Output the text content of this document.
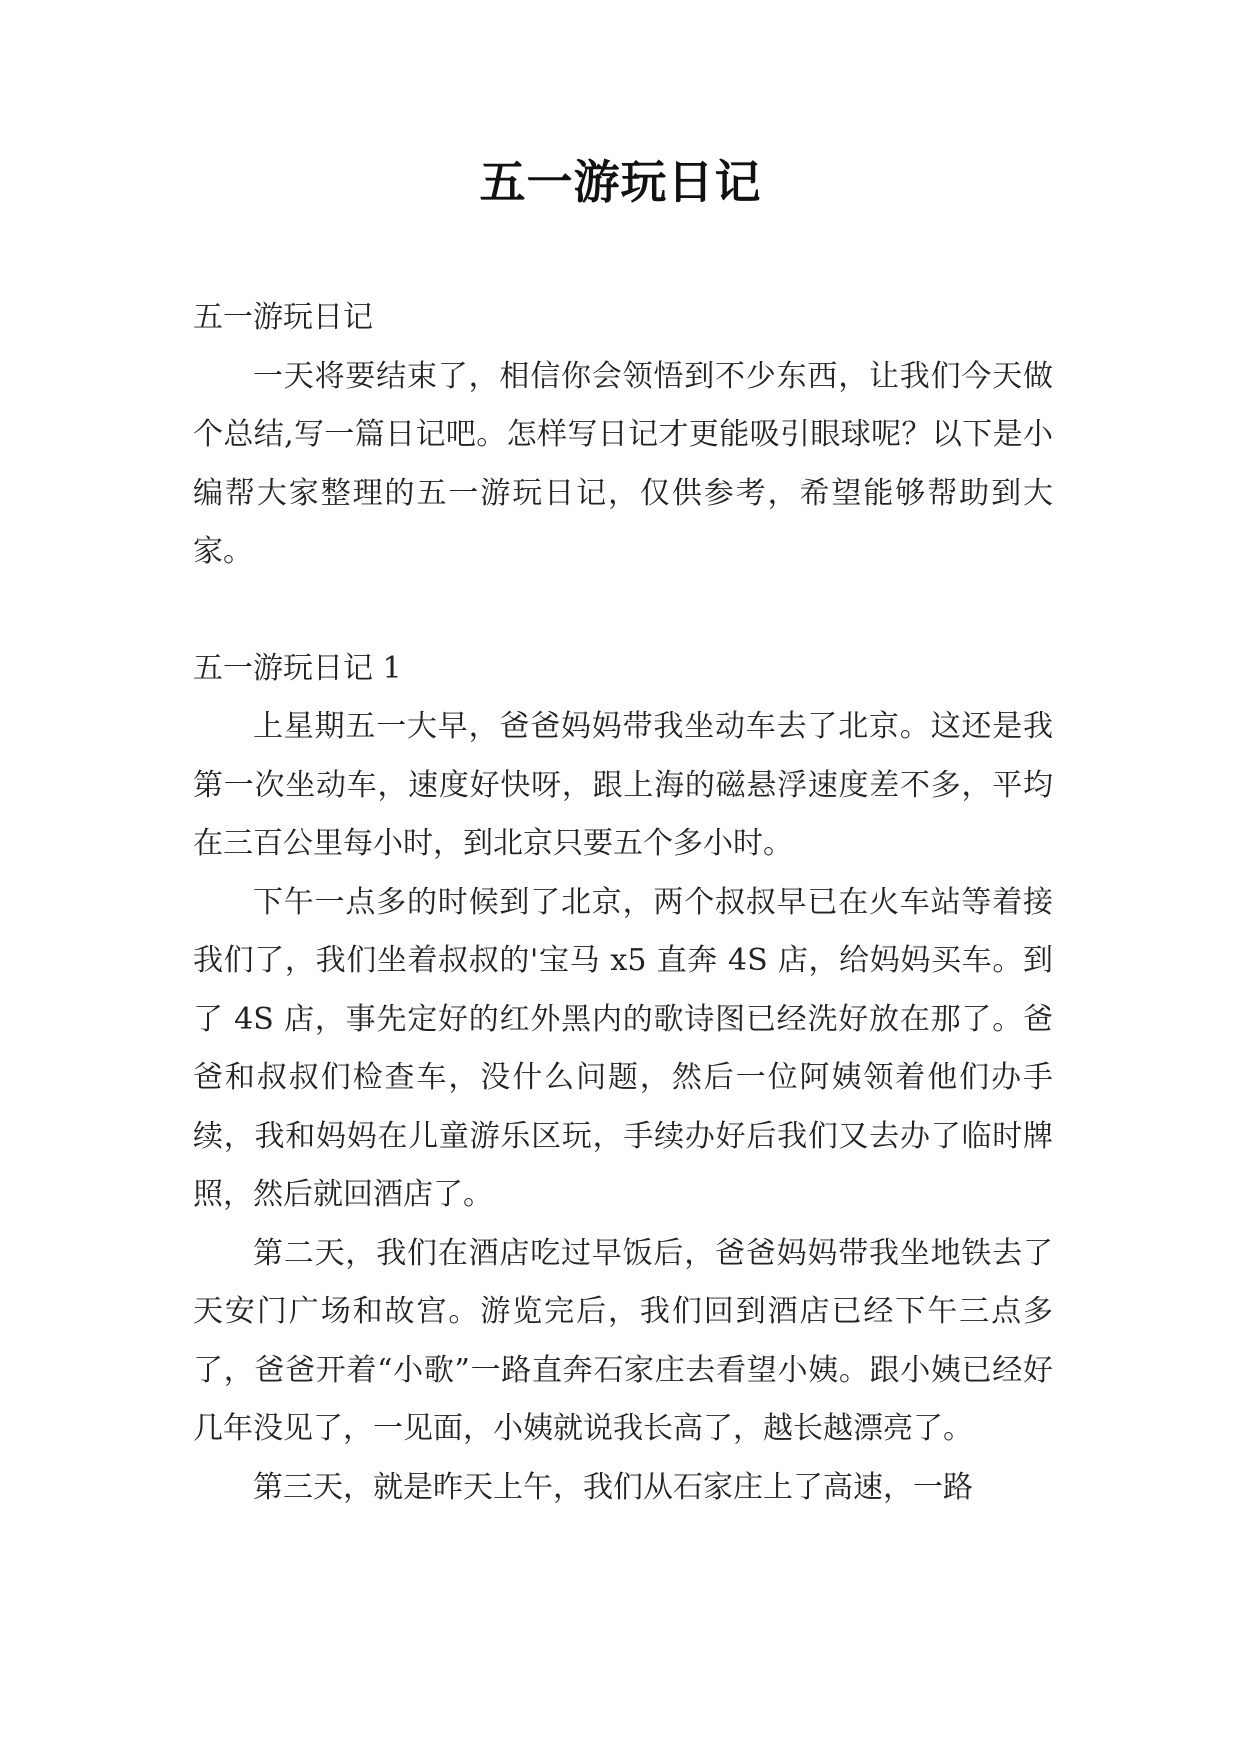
五一游玩日记

五一游玩日记

一天将要结束了，相信你会领悟到不少东西，让我们今天做个总结,写一篇日记吧。怎样写日记才更能吸引眼球呢？以下是小编帮大家整理的五一游玩日记，仅供参考，希望能够帮助到大家。

五一游玩日记 1

上星期五一大早，爸爸妈妈带我坐动车去了北京。这还是我第一次坐动车，速度好快呀，跟上海的磁悬浮速度差不多，平均在三百公里每小时，到北京只要五个多小时。

下午一点多的时候到了北京，两个叔叔早已在火车站等着接我们了，我们坐着叔叔的'宝马 x5 直奔 4S 店，给妈妈买车。到了 4S 店，事先定好的红外黑内的歌诗图已经洗好放在那了。爸爸和叔叔们检查车，没什么问题，然后一位阿姨领着他们办手续，我和妈妈在儿童游乐区玩，手续办好后我们又去办了临时牌照，然后就回酒店了。

第二天，我们在酒店吃过早饭后，爸爸妈妈带我坐地铁去了天安门广场和故宫。游览完后，我们回到酒店已经下午三点多了，爸爸开着“小歌”一路直奔石家庄去看望小姨。跟小姨已经好几年没见了，一见面，小姨就说我长高了，越长越漂亮了。

第三天，就是昨天上午，我们从石家庄上了高速，一路
